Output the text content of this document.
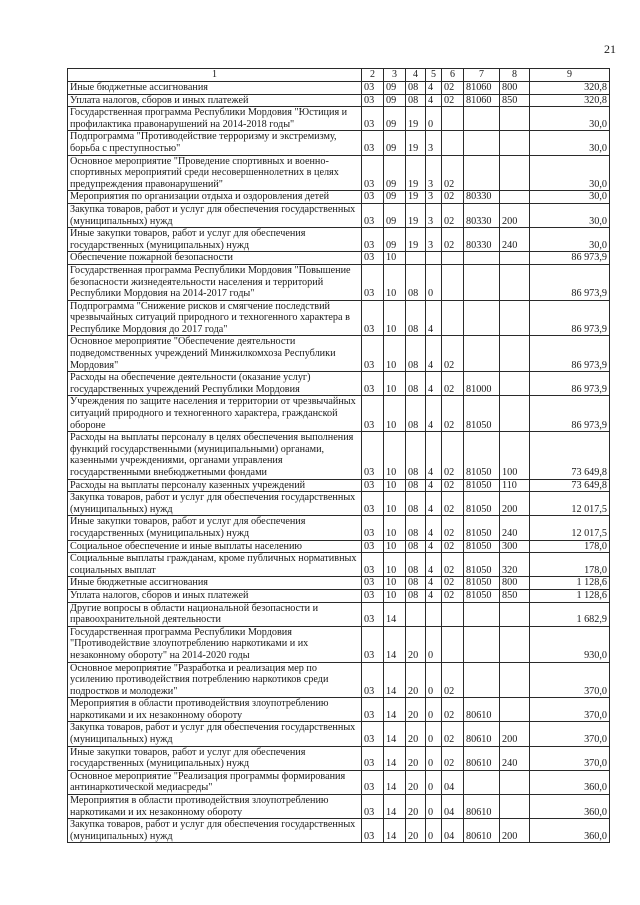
21
1	2	3	4	5	6	7	8	9
Иные бюджетные ассигнования	03	09	08	4	02	81060	800	320,8
Уплата налогов, сборов и иных платежей	03	09	08	4	02	81060	850	320,8
Государственная программа Республики Мордовия "Юстиция и профилактика правонарушений на 2014-2018 годы"	03	09	19	0				30,0
Подпрограмма "Противодействие терроризму и экстремизму, борьба с преступностью"	03	09	19	3				30,0
Основное мероприятие "Проведение спортивных и военно-спортивных мероприятий среди несовершеннолетних в целях предупреждения правонарушений"	03	09	19	3	02			30,0
Мероприятия по организации отдыха и оздоровления детей	03	09	19	3	02	80330		30,0
Закупка товаров, работ и услуг для обеспечения государственных (муниципальных) нужд	03	09	19	3	02	80330	200	30,0
Иные закупки товаров, работ и услуг для обеспечения государственных (муниципальных) нужд	03	09	19	3	02	80330	240	30,0
Обеспечение пожарной безопасности	03	10						86 973,9
Государственная программа Республики Мордовия "Повышение безопасности жизнедеятельности населения и территорий Республики Мордовия на 2014-2017 годы"	03	10	08	0				86 973,9
Подпрограмма "Снижение рисков и смягчение последствий чрезвычайных ситуаций природного и техногенного характера в Республике Мордовия до 2017 года"	03	10	08	4				86 973,9
Основное мероприятие "Обеспечение деятельности подведомственных учреждений Минжилкомхоза Республики Мордовия"	03	10	08	4	02			86 973,9
Расходы на обеспечение деятельности (оказание услуг) государственных учреждений Республики Мордовия	03	10	08	4	02	81000		86 973,9
Учреждения по защите населения и территории от чрезвычайных ситуаций природного и техногенного характера, гражданской обороне	03	10	08	4	02	81050		86 973,9
Расходы на выплаты персоналу в целях обеспечения выполнения функций государственными (муниципальными) органами, казенными учреждениями, органами управления государственными внебюджетными фондами	03	10	08	4	02	81050	100	73 649,8
Расходы на выплаты персоналу казенных учреждений	03	10	08	4	02	81050	110	73 649,8
Закупка товаров, работ и услуг для обеспечения государственных (муниципальных) нужд	03	10	08	4	02	81050	200	12 017,5
Иные закупки товаров, работ и услуг для обеспечения государственных (муниципальных) нужд	03	10	08	4	02	81050	240	12 017,5
Социальное обеспечение и иные выплаты населению	03	10	08	4	02	81050	300	178,0
Социальные выплаты гражданам, кроме публичных нормативных социальных выплат	03	10	08	4	02	81050	320	178,0
Иные бюджетные ассигнования	03	10	08	4	02	81050	800	1 128,6
Уплата налогов, сборов и иных платежей	03	10	08	4	02	81050	850	1 128,6
Другие вопросы в области национальной безопасности и правоохранительной деятельности	03	14						1 682,9
Государственная программа Республики Мордовия "Противодействие злоупотреблению наркотиками и их незаконному обороту" на 2014-2020 годы	03	14	20	0				930,0
Основное мероприятие "Разработка и реализация мер по усилению противодействия потреблению наркотиков среди подростков и молодежи"	03	14	20	0	02			370,0
Мероприятия в области противодействия злоупотреблению наркотиками и их незаконному обороту	03	14	20	0	02	80610		370,0
Закупка товаров, работ и услуг для обеспечения государственных (муниципальных) нужд	03	14	20	0	02	80610	200	370,0
Иные закупки товаров, работ и услуг для обеспечения государственных (муниципальных) нужд	03	14	20	0	02	80610	240	370,0
Основное мероприятие "Реализация программы формирования антинаркотической медиасреды"	03	14	20	0	04			360,0
Мероприятия в области противодействия злоупотреблению наркотиками и их незаконному обороту	03	14	20	0	04	80610		360,0
Закупка товаров, работ и услуг для обеспечения государственных (муниципальных) нужд	03	14	20	0	04	80610	200	360,0
